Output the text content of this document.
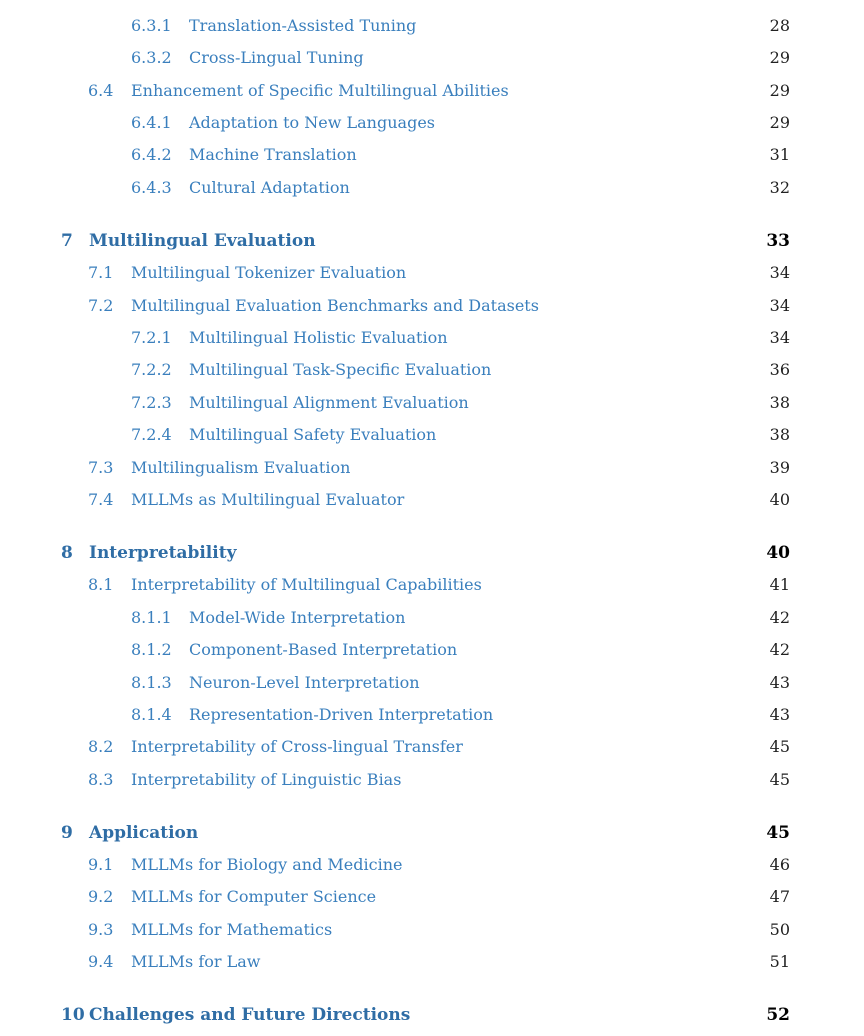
6.3.1 Translation-Assisted Tuning	28
6.3.2 Cross-Lingual Tuning	29
6.4 Enhancement of Specific Multilingual Abilities	29
6.4.1 Adaptation to New Languages	29
6.4.2 Machine Translation	31
6.4.3 Cultural Adaptation	32
7 Multilingual Evaluation	33
7.1 Multilingual Tokenizer Evaluation	34
7.2 Multilingual Evaluation Benchmarks and Datasets	34
7.2.1 Multilingual Holistic Evaluation	34
7.2.2 Multilingual Task-Specific Evaluation	36
7.2.3 Multilingual Alignment Evaluation	38
7.2.4 Multilingual Safety Evaluation	38
7.3 Multilingualism Evaluation	39
7.4 MLLMs as Multilingual Evaluator	40
8 Interpretability	40
8.1 Interpretability of Multilingual Capabilities	41
8.1.1 Model-Wide Interpretation	42
8.1.2 Component-Based Interpretation	42
8.1.3 Neuron-Level Interpretation	43
8.1.4 Representation-Driven Interpretation	43
8.2 Interpretability of Cross-lingual Transfer	45
8.3 Interpretability of Linguistic Bias	45
9 Application	45
9.1 MLLMs for Biology and Medicine	46
9.2 MLLMs for Computer Science	47
9.3 MLLMs for Mathematics	50
9.4 MLLMs for Law	51
10 Challenges and Future Directions	52
